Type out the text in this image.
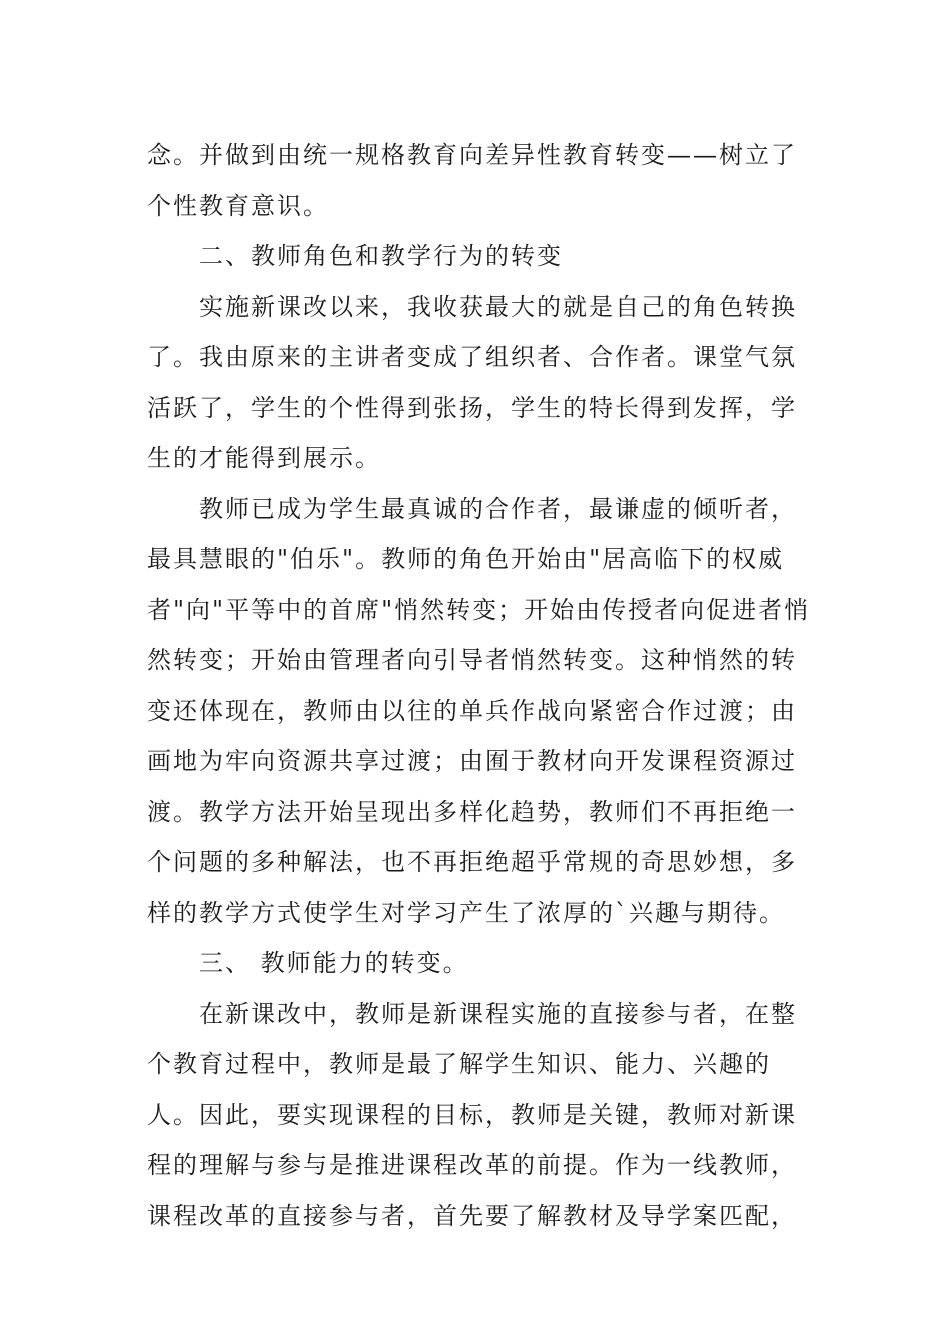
念。并做到由统一规格教育向差异性教育转变——树立了
个性教育意识。
二、教师角色和教学行为的转变
实施新课改以来，我收获最大的就是自己的角色转换
了。我由原来的主讲者变成了组织者、合作者。课堂气氛
活跃了，学生的个性得到张扬，学生的特长得到发挥，学
生的才能得到展示。
教师已成为学生最真诚的合作者，最谦虚的倾听者，
最具慧眼的"伯乐"。教师的角色开始由"居高临下的权威
者"向"平等中的首席"悄然转变；开始由传授者向促进者悄
然转变；开始由管理者向引导者悄然转变。这种悄然的转
变还体现在，教师由以往的单兵作战向紧密合作过渡；由
画地为牢向资源共享过渡；由囿于教材向开发课程资源过
渡。教学方法开始呈现出多样化趋势，教师们不再拒绝一
个问题的多种解法，也不再拒绝超乎常规的奇思妙想，多
样的教学方式使学生对学习产生了浓厚的`兴趣与期待。
三、 教师能力的转变。
在新课改中，教师是新课程实施的直接参与者，在整
个教育过程中，教师是最了解学生知识、能力、兴趣的
人。因此，要实现课程的目标，教师是关键，教师对新课
程的理解与参与是推进课程改革的前提。作为一线教师，
课程改革的直接参与者，首先要了解教材及导学案匹配，
